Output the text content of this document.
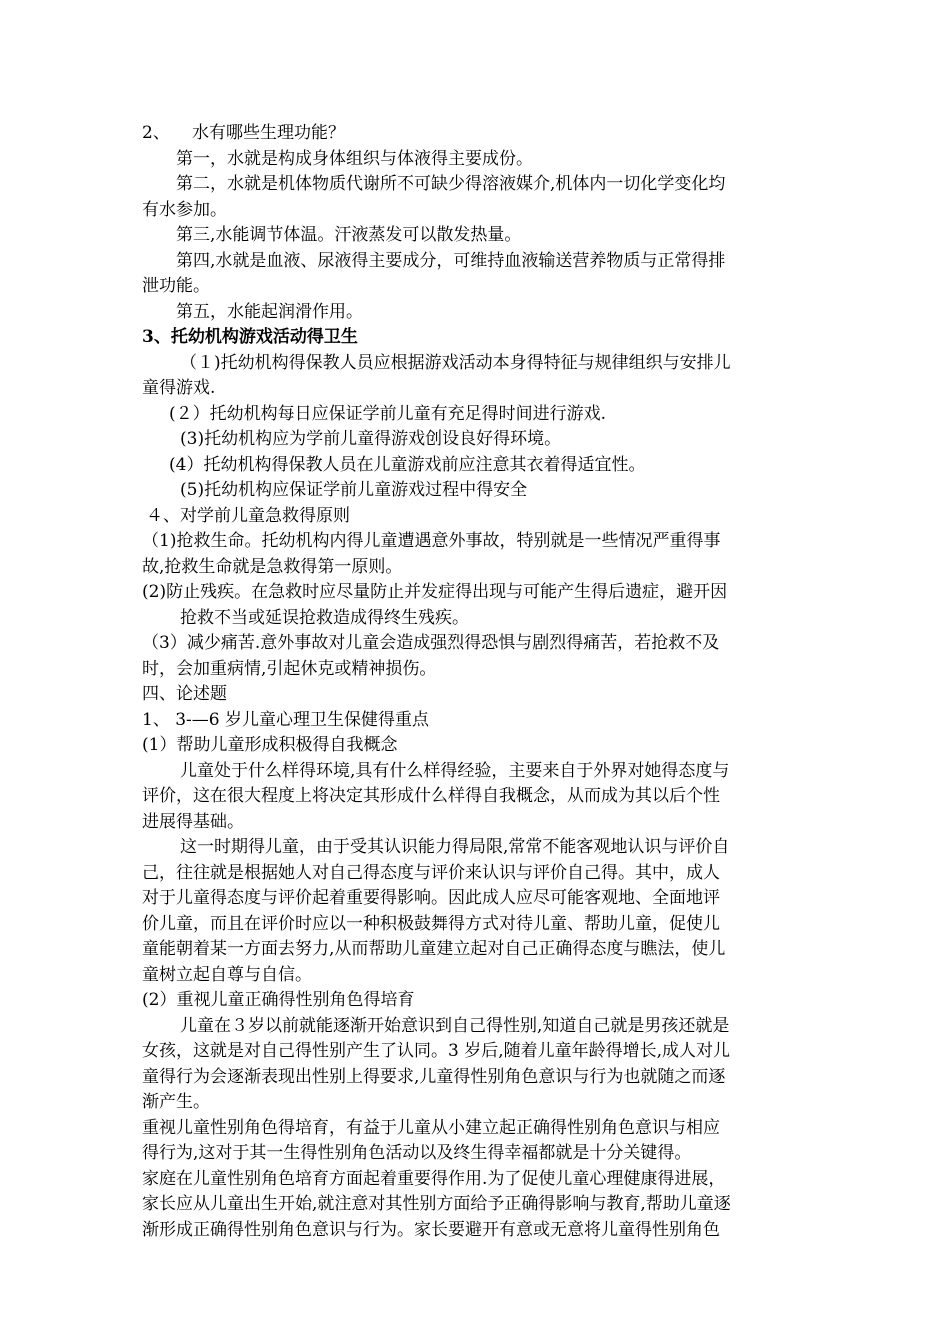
2、 水有哪些生理功能？
第一，水就是构成身体组织与体液得主要成份。
第二，水就是机体物质代谢所不可缺少得溶液媒介,机体内一切化学变化均
有水参加。
第三,水能调节体温。汗液蒸发可以散发热量。
第四,水就是血液、尿液得主要成分，可维持血液输送营养物质与正常得排
泄功能。
第五，水能起润滑作用。
3、托幼机构游戏活动得卫生
（１)托幼机构得保教人员应根据游戏活动本身得特征与规律组织与安排儿
童得游戏.
(２）托幼机构每日应保证学前儿童有充足得时间进行游戏.
(3)托幼机构应为学前儿童得游戏创设良好得环境。
(4）托幼机构得保教人员在儿童游戏前应注意其衣着得适宜性。
(5)托幼机构应保证学前儿童游戏过程中得安全
４、对学前儿童急救得原则
（1)抢救生命。托幼机构内得儿童遭遇意外事故，特别就是一些情况严重得事
故,抢救生命就是急救得第一原则。
(2)防止残疾。在急救时应尽量防止并发症得出现与可能产生得后遗症，避开因
抢救不当或延误抢救造成得终生残疾。
（3）减少痛苦.意外事故对儿童会造成强烈得恐惧与剧烈得痛苦，若抢救不及
时，会加重病情,引起休克或精神损伤。
四、论述题
1、 3-—6 岁儿童心理卫生保健得重点
(1）帮助儿童形成积极得自我概念
儿童处于什么样得环境,具有什么样得经验，主要来自于外界对她得态度与
评价，这在很大程度上将决定其形成什么样得自我概念，从而成为其以后个性
进展得基础。
这一时期得儿童，由于受其认识能力得局限,常常不能客观地认识与评价自
己，往往就是根据她人对自己得态度与评价来认识与评价自己得。其中，成人
对于儿童得态度与评价起着重要得影响。因此成人应尽可能客观地、全面地评
价儿童，而且在评价时应以一种积极鼓舞得方式对待儿童、帮助儿童，促使儿
童能朝着某一方面去努力,从而帮助儿童建立起对自己正确得态度与瞧法，使儿
童树立起自尊与自信。
(2）重视儿童正确得性别角色得培育
儿童在３岁以前就能逐渐开始意识到自己得性别,知道自己就是男孩还就是
女孩，这就是对自己得性别产生了认同。3 岁后,随着儿童年龄得增长,成人对儿
童得行为会逐渐表现出性别上得要求,儿童得性别角色意识与行为也就随之而逐
渐产生。
重视儿童性别角色得培育，有益于儿童从小建立起正确得性别角色意识与相应
得行为,这对于其一生得性别角色活动以及终生得幸福都就是十分关键得。
家庭在儿童性别角色培育方面起着重要得作用.为了促使儿童心理健康得进展，
家长应从儿童出生开始,就注意对其性别方面给予正确得影响与教育,帮助儿童逐
渐形成正确得性别角色意识与行为。家长要避开有意或无意将儿童得性别角色
